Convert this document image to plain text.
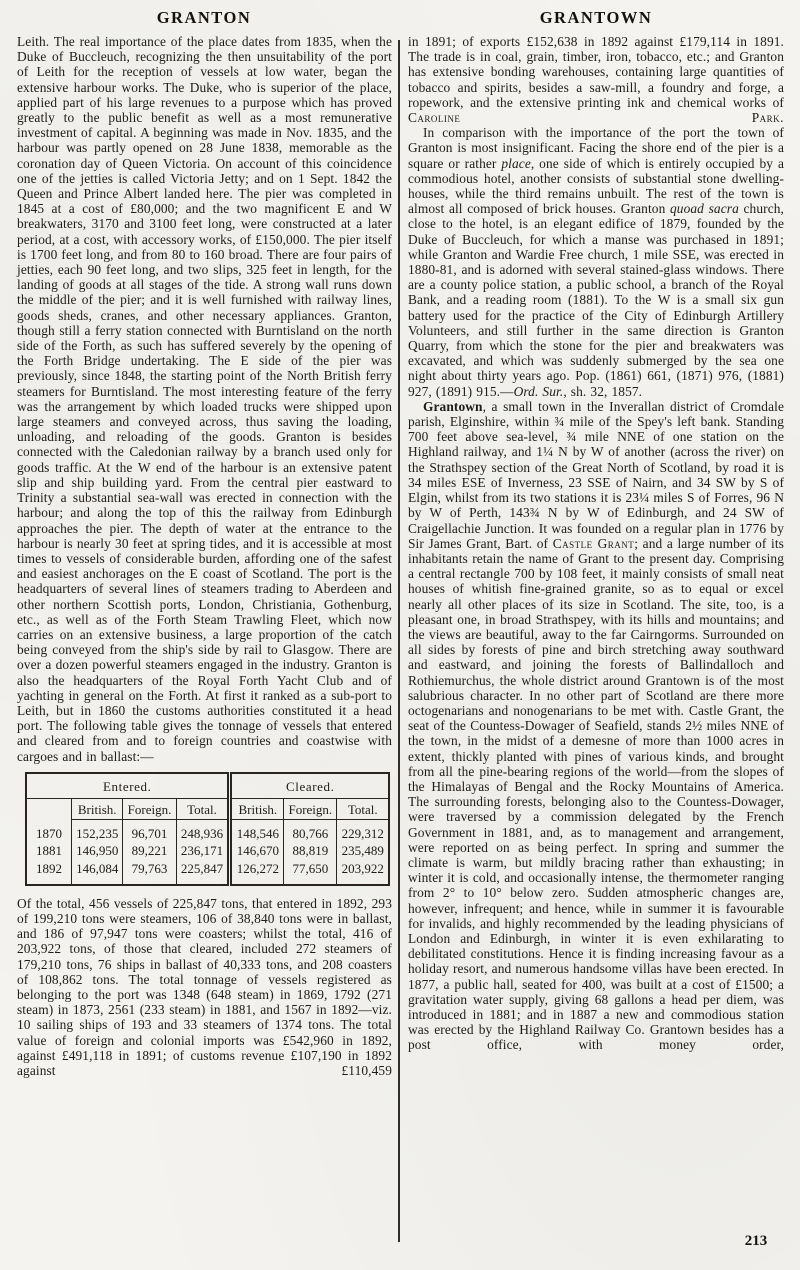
GRANTON	GRANTOWN

Leith. The real importance of the place dates from 1835, when the Duke of Buccleuch, recognizing the then unsuitability of the port of Leith for the reception of vessels at low water, began the extensive harbour works. The Duke, who is superior of the place, applied part of his large revenues to a purpose which has proved greatly to the public benefit as well as a most remunerative investment of capital. A beginning was made in Nov. 1835, and the harbour was partly opened on 28 June 1838, memorable as the coronation day of Queen Victoria. On account of this coincidence one of the jetties is called Victoria Jetty; and on 1 Sept. 1842 the Queen and Prince Albert landed here. The pier was completed in 1845 at a cost of £80,000; and the two magnificent E and W breakwaters, 3170 and 3100 feet long, were constructed at a later period, at a cost, with accessory works, of £150,000. The pier itself is 1700 feet long, and from 80 to 160 broad. There are four pairs of jetties, each 90 feet long, and two slips, 325 feet in length, for the landing of goods at all stages of the tide. A strong wall runs down the middle of the pier; and it is well furnished with railway lines, goods sheds, cranes, and other necessary appliances. Granton, though still a ferry station connected with Burntisland on the north side of the Forth, as such has suffered severely by the opening of the Forth Bridge undertaking. The E side of the pier was previously, since 1848, the starting point of the North British ferry steamers for Burntisland. The most interesting feature of the ferry was the arrangement by which loaded trucks were shipped upon large steamers and conveyed across, thus saving the loading, unloading, and reloading of the goods. Granton is besides connected with the Caledonian railway by a branch used only for goods traffic. At the W end of the harbour is an extensive patent slip and ship building yard. From the central pier eastward to Trinity a substantial sea-wall was erected in connection with the harbour; and along the top of this the railway from Edinburgh approaches the pier. The depth of water at the entrance to the harbour is nearly 30 feet at spring tides, and it is accessible at most times to vessels of considerable burden, affording one of the safest and easiest anchorages on the E coast of Scotland. The port is the headquarters of several lines of steamers trading to Aberdeen and other northern Scottish ports, London, Christiania, Gothenburg, etc., as well as of the Forth Steam Trawling Fleet, which now carries on an extensive business, a large proportion of the catch being conveyed from the ship's side by rail to Glasgow. There are over a dozen powerful steamers engaged in the industry. Granton is also the headquarters of the Royal Forth Yacht Club and of yachting in general on the Forth. At first it ranked as a sub-port to Leith, but in 1860 the customs authorities constituted it a head port. The following table gives the tonnage of vessels that entered and cleared from and to foreign countries and coastwise with cargoes and in ballast:—

Entered.				Cleared.		
	British.	Foreign.	Total.	British.	Foreign.	Total.
1870	152,235	96,701	248,936	148,546	80,766	229,312
1881	146,950	89,221	236,171	146,670	88,819	235,489
1892	146,084	79,763	225,847	126,272	77,650	203,922

Of the total, 456 vessels of 225,847 tons, that entered in 1892, 293 of 199,210 tons were steamers, 106 of 38,840 tons were in ballast, and 186 of 97,947 tons were coasters; whilst the total, 416 of 203,922 tons, of those that cleared, included 272 steamers of 179,210 tons, 76 ships in ballast of 40,333 tons, and 208 coasters of 108,862 tons. The total tonnage of vessels registered as belonging to the port was 1348 (648 steam) in 1869, 1792 (271 steam) in 1873, 2561 (233 steam) in 1881, and 1567 in 1892—viz. 10 sailing ships of 193 and 33 steamers of 1374 tons. The total value of foreign and colonial imports was £542,960 in 1892, against £491,118 in 1891; of customs revenue £107,190 in 1892 against £110,459

in 1891; of exports £152,638 in 1892 against £179,114 in 1891. The trade is in coal, grain, timber, iron, tobacco, etc.; and Granton has extensive bonding warehouses, containing large quantities of tobacco and spirits, besides a saw-mill, a foundry and forge, a ropework, and the extensive printing ink and chemical works of Caroline Park.

In comparison with the importance of the port the town of Granton is most insignificant. Facing the shore end of the pier is a square or rather place, one side of which is entirely occupied by a commodious hotel, another consists of substantial stone dwelling-houses, while the third remains unbuilt. The rest of the town is almost all composed of brick houses. Granton quoad sacra church, close to the hotel, is an elegant edifice of 1879, founded by the Duke of Buccleuch, for which a manse was purchased in 1891; while Granton and Wardie Free church, 1 mile SSE, was erected in 1880-81, and is adorned with several stained-glass windows. There are a county police station, a public school, a branch of the Royal Bank, and a reading room (1881). To the W is a small six gun battery used for the practice of the City of Edinburgh Artillery Volunteers, and still further in the same direction is Granton Quarry, from which the stone for the pier and breakwaters was excavated, and which was suddenly submerged by the sea one night about thirty years ago. Pop. (1861) 661, (1871) 976, (1881) 927, (1891) 915.—Ord. Sur., sh. 32, 1857.

Grantown, a small town in the Inverallan district of Cromdale parish, Elginshire, within ¾ mile of the Spey's left bank. Standing 700 feet above sea-level, ¾ mile NNE of one station on the Highland railway, and 1¼ N by W of another (across the river) on the Strathspey section of the Great North of Scotland, by road it is 34 miles ESE of Inverness, 23 SSE of Nairn, and 34 SW by S of Elgin, whilst from its two stations it is 23¼ miles S of Forres, 96 N by W of Perth, 143¾ N by W of Edinburgh, and 24 SW of Craigellachie Junction. It was founded on a regular plan in 1776 by Sir James Grant, Bart. of Castle Grant; and a large number of its inhabitants retain the name of Grant to the present day. Comprising a central rectangle 700 by 108 feet, it mainly consists of small neat houses of whitish fine-grained granite, so as to equal or excel nearly all other places of its size in Scotland. The site, too, is a pleasant one, in broad Strathspey, with its hills and mountains; and the views are beautiful, away to the far Cairngorms. Surrounded on all sides by forests of pine and birch stretching away southward and eastward, and joining the forests of Ballindalloch and Rothiemurchus, the whole district around Grantown is of the most salubrious character. In no other part of Scotland are there more octogenarians and nonogenarians to be met with. Castle Grant, the seat of the Countess-Dowager of Seafield, stands 2½ miles NNE of the town, in the midst of a demesne of more than 1000 acres in extent, thickly planted with pines of various kinds, and brought from all the pine-bearing regions of the world—from the slopes of the Himalayas of Bengal and the Rocky Mountains of America. The surrounding forests, belonging also to the Countess-Dowager, were traversed by a commission delegated by the French Government in 1881, and, as to management and arrangement, were reported on as being perfect. In spring and summer the climate is warm, but mildly bracing rather than exhausting; in winter it is cold, and occasionally intense, the thermometer ranging from 2° to 10° below zero. Sudden atmospheric changes are, however, infrequent; and hence, while in summer it is favourable for invalids, and highly recommended by the leading physicians of London and Edinburgh, in winter it is even exhilarating to debilitated constitutions. Hence it is finding increasing favour as a holiday resort, and numerous handsome villas have been erected. In 1877, a public hall, seated for 400, was built at a cost of £1500; a gravitation water supply, giving 68 gallons a head per diem, was introduced in 1881; and in 1887 a new and commodious station was erected by the Highland Railway Co. Grantown besides has a post office, with money order,

213
